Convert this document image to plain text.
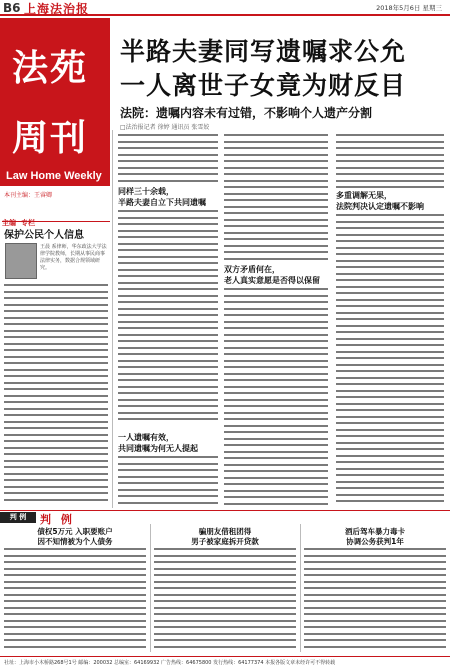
B6 上海法治报	2018年5月6日 星期三
法苑
周刊
Law Home Weekly
本刊主编：王睿卿
半路夫妻同写遗嘱求公允
一人离世子女竟为财反目
法院：遗嘱内容未有过错，不影响个人遗产分割
□法治报记者 徐婷 通讯员 张雪姣
主编 专栏
保护公民个人信息
王晨 系律师，华东政法大学法律学院教师，长期从事民商事法律实务，数据合规领域研究。
同样三十余载，
半路夫妻自立下共同遗嘱
一人遗嘱有效，
共同遗嘱为何无人提起
双方矛盾何在，
老人真实意愿是否得以保留
多重调解无果，
法院判决认定遗嘱不影响
判 例	判 例
债权5万元 入职要账户
因不知情被为个人债务
骗朋友借租团得
男子被家庭拆开贷款
酒后驾车暴力毒卡
协调公务获判1年
社址：上海市小木桥路268号1号 邮编：200032 总编室：64169932 广告热线：64675800 发行热线：64177374 本报各版文章未经许可不得转载
